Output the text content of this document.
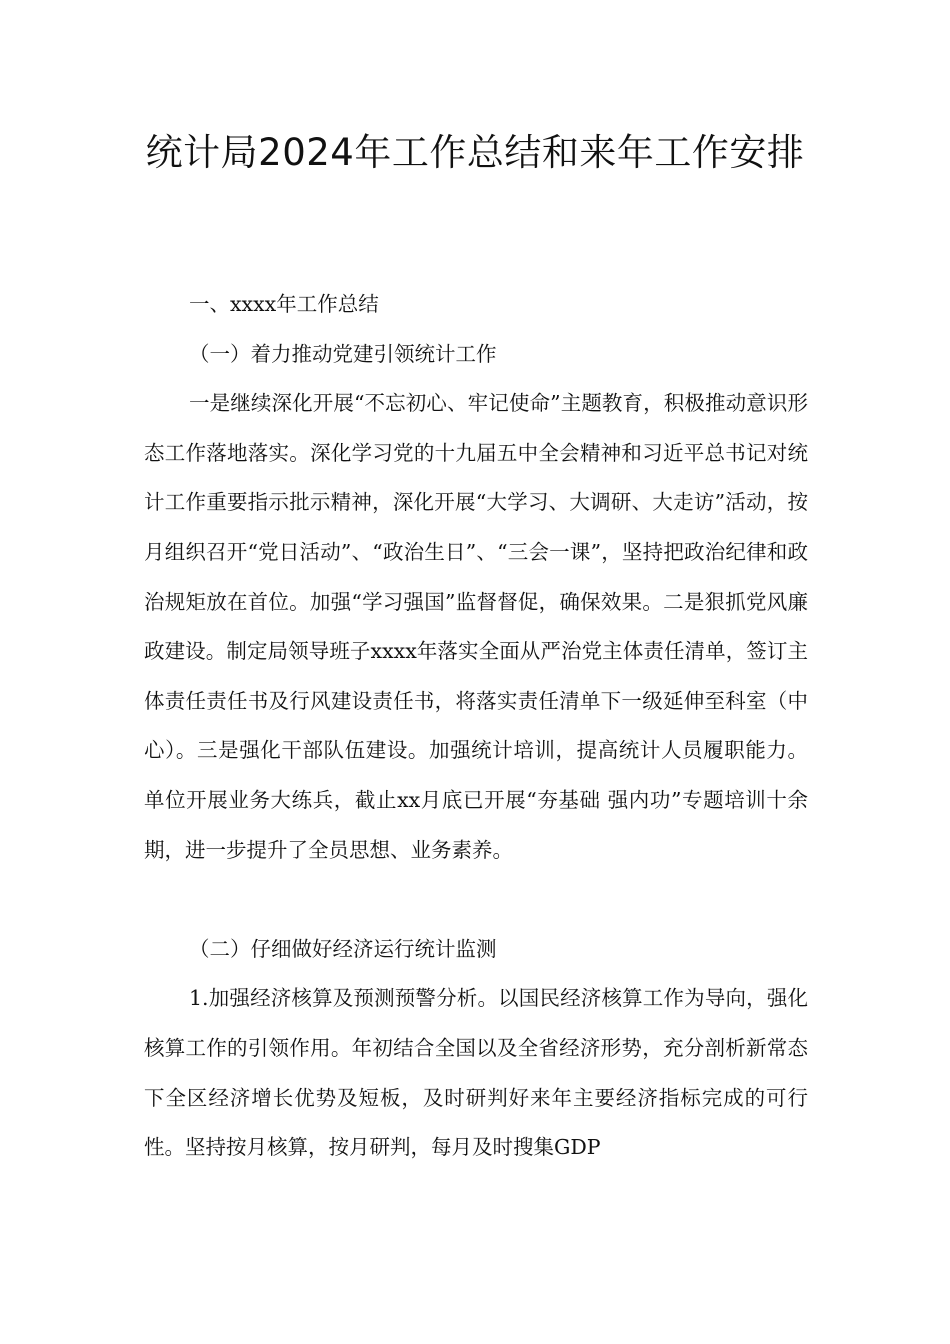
统计局2024年工作总结和来年工作安排

一、xxxx年工作总结

（一）着力推动党建引领统计工作

一是继续深化开展“不忘初心、牢记使命”主题教育，积极推动意识形态工作落地落实。深化学习党的十九届五中全会精神和习近平总书记对统计工作重要指示批示精神，深化开展“大学习、大调研、大走访”活动，按月组织召开“党日活动”、“政治生日”、“三会一课”，坚持把政治纪律和政治规矩放在首位。加强“学习强国”监督督促，确保效果。二是狠抓党风廉政建设。制定局领导班子xxxx年落实全面从严治党主体责任清单，签订主体责任责任书及行风建设责任书，将落实责任清单下一级延伸至科室（中心）。三是强化干部队伍建设。加强统计培训，提高统计人员履职能力。单位开展业务大练兵，截止xx月底已开展“夯基础 强内功”专题培训十余期，进一步提升了全员思想、业务素养。

（二）仔细做好经济运行统计监测

1.加强经济核算及预测预警分析。以国民经济核算工作为导向，强化核算工作的引领作用。年初结合全国以及全省经济形势，充分剖析新常态下全区经济增长优势及短板，及时研判好来年主要经济指标完成的可行性。坚持按月核算，按月研判，每月及时搜集GDP
